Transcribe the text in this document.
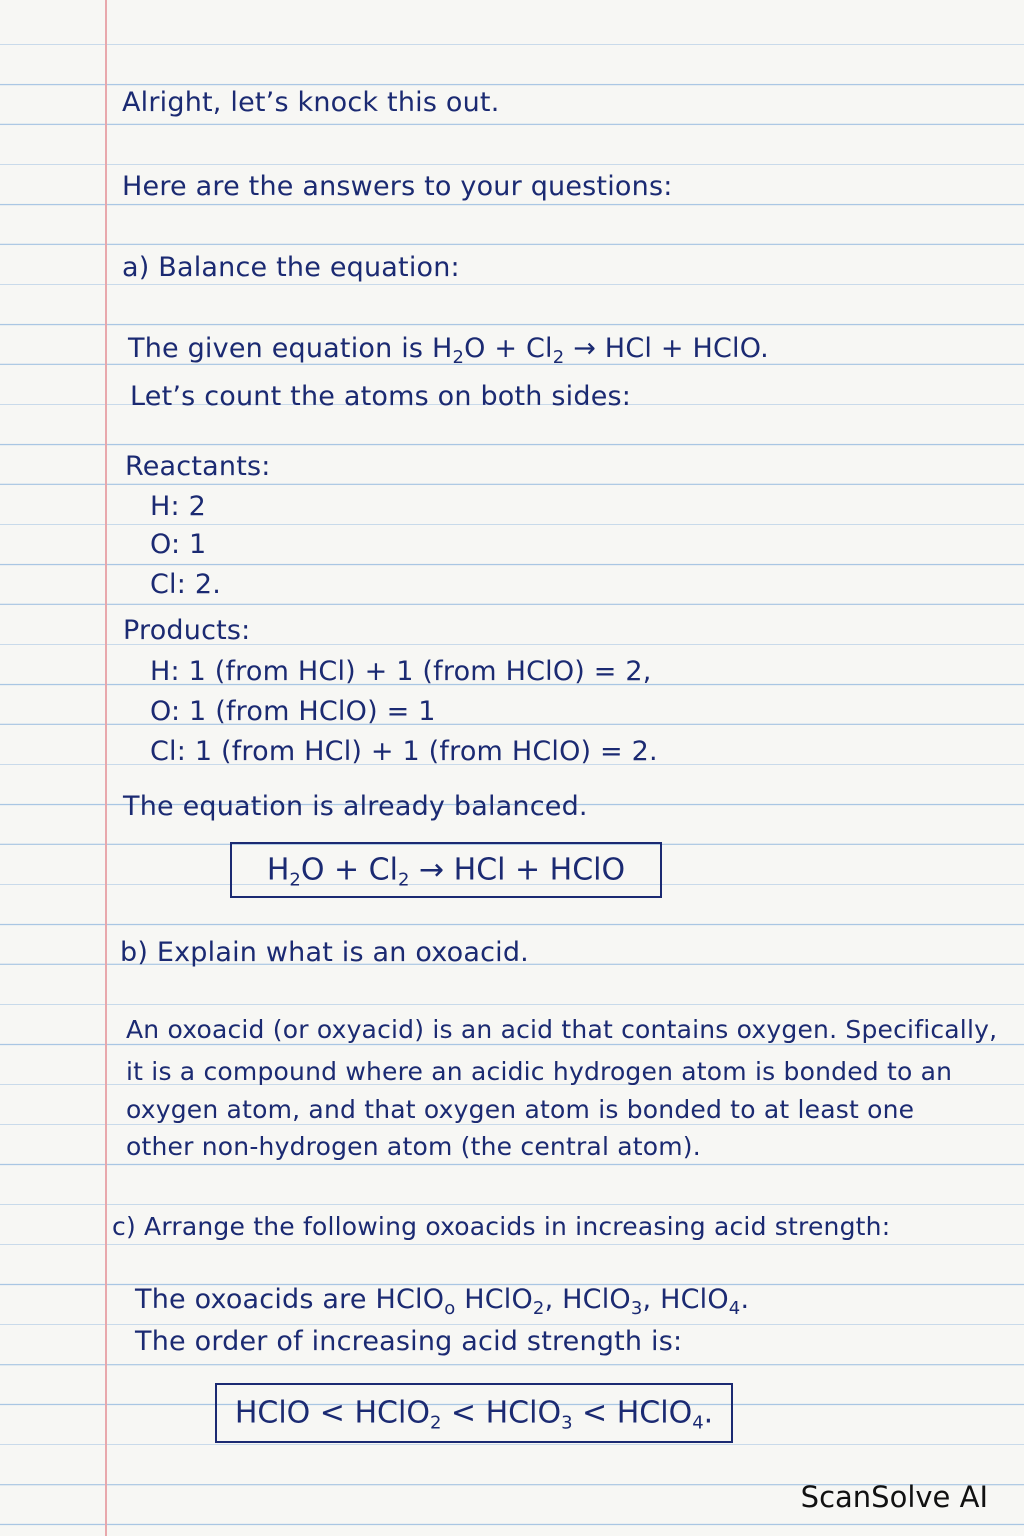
Alright, let’s knock this out.
Here are the answers to your questions:
a) Balance the equation:
The given equation is $H_2O + Cl_2$ → HCl + HClO.
Let’s count the atoms on both sides:
Reactants:
H: 2
O: 1
Cl: 2.
Products:
H: 1 (from HCl) + 1 (from HClO) = 2,
O: 1 (from HClO) = 1
Cl: 1 (from HCl) + 1 (from HClO) = 2.
The equation is already balanced.
$H_2O + Cl_2$ → HCl + HClO
b) Explain what is an oxoacid.
An oxoacid (or oxyacid) is an acid that contains oxygen. Specifically,
it is a compound where an acidic hydrogen atom is bonded to an
oxygen atom, and that oxygen atom is bonded to at least one
other non-hydrogen atom (the central atom).
c) Arrange the following oxoacids in increasing acid strength:
The oxoacids are HClO$_o$ HClO$_2$, HClO$_3$, HClO$_4$.
The order of increasing acid strength is:
HClO < HClO$_2$ < HClO$_3$ < HClO$_4$.
ScanSolve AI
